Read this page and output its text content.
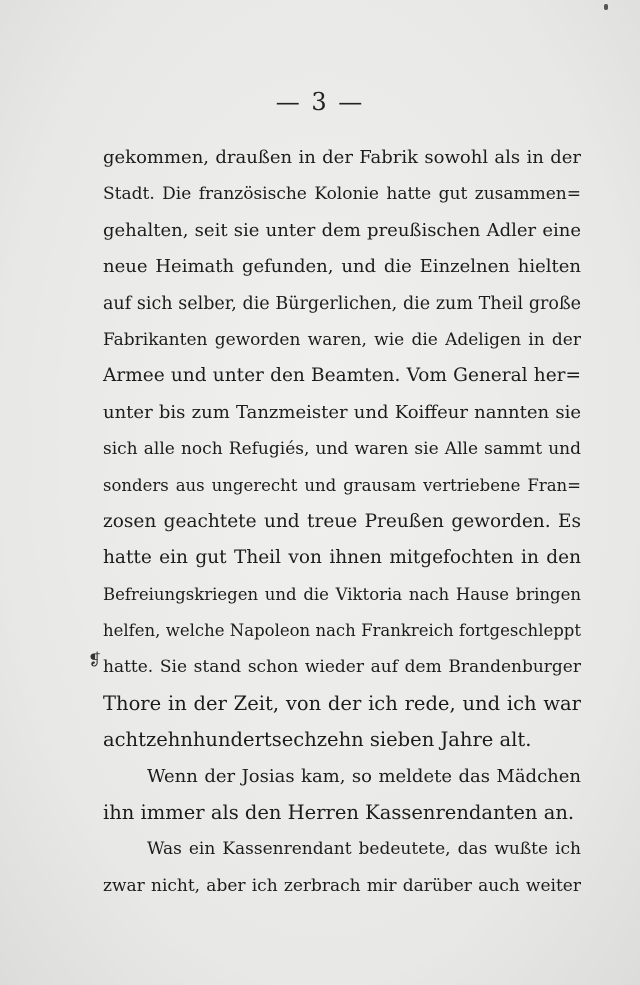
— 3 —
❡
gekommen, draußen in der Fabrik sowohl als in der
Stadt. Die französische Kolonie hatte gut zusammen=
gehalten, seit sie unter dem preußischen Adler eine
neue Heimath gefunden, und die Einzelnen hielten
auf sich selber, die Bürgerlichen, die zum Theil große
Fabrikanten geworden waren, wie die Adeligen in der
Armee und unter den Beamten. Vom General her=
unter bis zum Tanzmeister und Koiffeur nannten sie
sich alle noch Refugiés, und waren sie Alle sammt und
sonders aus ungerecht und grausam vertriebene Fran=
zosen geachtete und treue Preußen geworden. Es
hatte ein gut Theil von ihnen mitgefochten in den
Befreiungskriegen und die Viktoria nach Hause bringen
helfen, welche Napoleon nach Frankreich fortgeschleppt
hatte. Sie stand schon wieder auf dem Brandenburger
Thore in der Zeit, von der ich rede, und ich war
achtzehnhundertsechzehn sieben Jahre alt.
Wenn der Josias kam, so meldete das Mädchen
ihn immer als den Herren Kassenrendanten an.
Was ein Kassenrendant bedeutete, das wußte ich
zwar nicht, aber ich zerbrach mir darüber auch weiter
